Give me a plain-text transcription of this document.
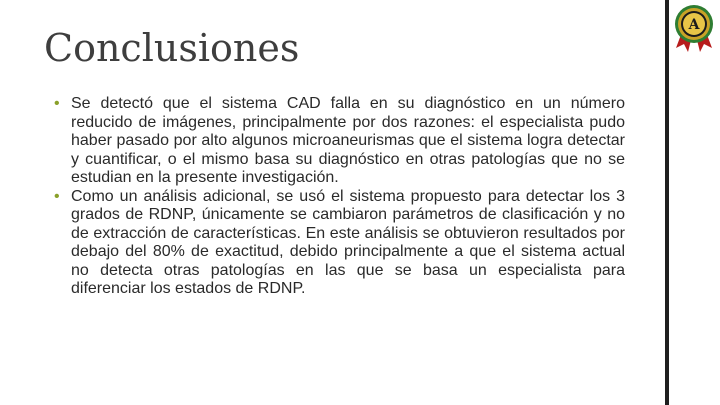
A
Conclusiones
• Se detectó que el sistema CAD falla en su diagnóstico en un número reducido de imágenes, principalmente por dos razones: el especialista pudo haber pasado por alto algunos microaneurismas que el sistema logra detectar y cuantificar, o el mismo basa su diagnóstico en otras patologías que no se estudian en la presente investigación.
• Como un análisis adicional, se usó el sistema propuesto para detectar los 3 grados de RDNP, únicamente se cambiaron parámetros de clasificación y no de extracción de características. En este análisis se obtuvieron resultados por debajo del 80% de exactitud, debido principalmente a que el sistema actual no detecta otras patologías en las que se basa un especialista para diferenciar los estados de RDNP.
